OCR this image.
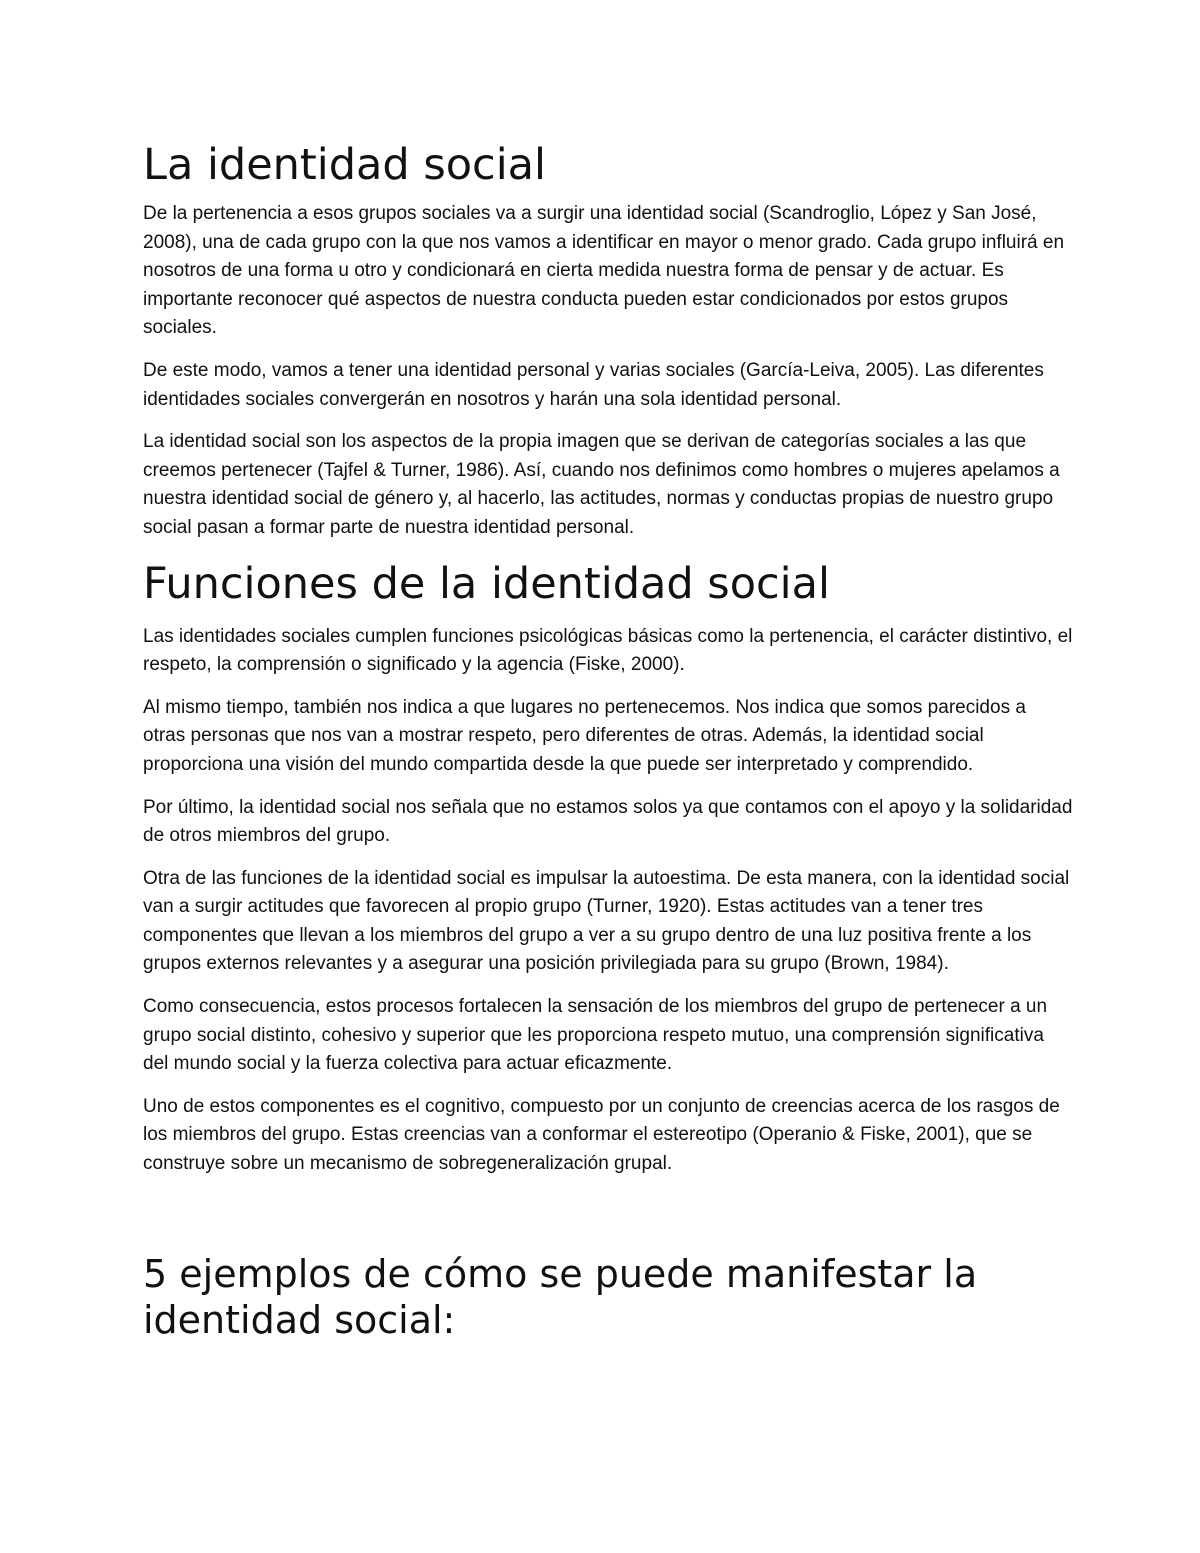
La identidad social

De la pertenencia a esos grupos sociales va a surgir una identidad social (Scandroglio, López y San José, 2008), una de cada grupo con la que nos vamos a identificar en mayor o menor grado. Cada grupo influirá en nosotros de una forma u otro y condicionará en cierta medida nuestra forma de pensar y de actuar. Es importante reconocer qué aspectos de nuestra conducta pueden estar condicionados por estos grupos sociales.

De este modo, vamos a tener una identidad personal y varias sociales (García-Leiva, 2005). Las diferentes identidades sociales convergerán en nosotros y harán una sola identidad personal.

La identidad social son los aspectos de la propia imagen que se derivan de categorías sociales a las que creemos pertenecer (Tajfel & Turner, 1986). Así, cuando nos definimos como hombres o mujeres apelamos a nuestra identidad social de género y, al hacerlo, las actitudes, normas y conductas propias de nuestro grupo social pasan a formar parte de nuestra identidad personal.

Funciones de la identidad social

Las identidades sociales cumplen funciones psicológicas básicas como la pertenencia, el carácter distintivo, el respeto, la comprensión o significado y la agencia (Fiske, 2000).

Al mismo tiempo, también nos indica a que lugares no pertenecemos. Nos indica que somos parecidos a otras personas que nos van a mostrar respeto, pero diferentes de otras. Además, la identidad social proporciona una visión del mundo compartida desde la que puede ser interpretado y comprendido.

Por último, la identidad social nos señala que no estamos solos ya que contamos con el apoyo y la solidaridad de otros miembros del grupo.

Otra de las funciones de la identidad social es impulsar la autoestima. De esta manera, con la identidad social van a surgir actitudes que favorecen al propio grupo (Turner, 1920). Estas actitudes van a tener tres componentes que llevan a los miembros del grupo a ver a su grupo dentro de una luz positiva frente a los grupos externos relevantes y a asegurar una posición privilegiada para su grupo (Brown, 1984).

Como consecuencia, estos procesos fortalecen la sensación de los miembros del grupo de pertenecer a un grupo social distinto, cohesivo y superior que les proporciona respeto mutuo, una comprensión significativa del mundo social y la fuerza colectiva para actuar eficazmente.

Uno de estos componentes es el cognitivo, compuesto por un conjunto de creencias acerca de los rasgos de los miembros del grupo. Estas creencias van a conformar el estereotipo (Operanio & Fiske, 2001), que se construye sobre un mecanismo de sobregeneralización grupal.

5 ejemplos de cómo se puede manifestar la identidad social:
